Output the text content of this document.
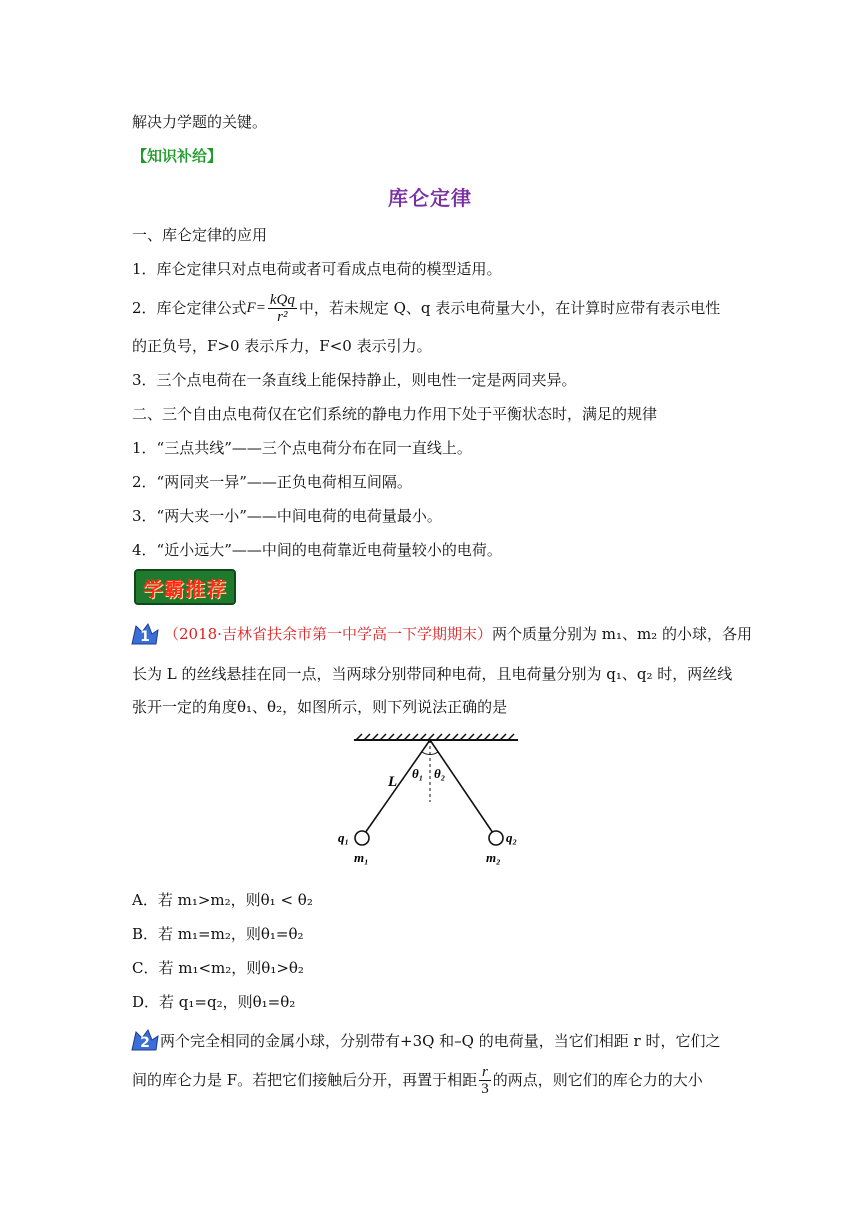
解决力学题的关键。
【知识补给】
库仑定律
一、库仑定律的应用
1．库仑定律只对点电荷或者可看成点电荷的模型适用。
2．库仑定律公式 $F= \frac{\text{kQq}}{\text{r²}}$ 中，若未规定 Q、q 表示电荷量大小，在计算时应带有表示电性
的正负号，F>0 表示斥力，F<0 表示引力。
3．三个点电荷在一条直线上能保持静止，则电性一定是两同夹异。
二、三个自由点电荷仅在它们系统的静电力作用下处于平衡状态时，满足的规律
1．“三点共线”——三个点电荷分布在同一直线上。
2．“两同夹一异”——正负电荷相互间隔。
3．“两大夹一小”——中间电荷的电荷量最小。
4．“近小远大”——中间的电荷靠近电荷量较小的电荷。
学霸推荐
1 （2018·吉林省扶余市第一中学高一下学期期末）两个质量分别为 m₁、m₂ 的小球，各用
长为 L 的丝线悬挂在同一点，当两球分别带同种电荷，且电荷量分别为 q₁、q₂ 时，两丝线
张开一定的角度θ₁、θ₂，如图所示，则下列说法正确的是
L
θ₁ θ₂
q₁
m₁
q₂
m₂
A．若 m₁>m₂，则θ₁ < θ₂
B．若 m₁=m₂，则θ₁=θ₂
C．若 m₁<m₂，则θ₁>θ₂
D．若 q₁=q₂，则θ₁=θ₂
2 两个完全相同的金属小球，分别带有+3Q 和–Q 的电荷量，当它们相距 r 时，它们之
间的库仑力是 F。若把它们接触后分开，再置于相距 $\frac{r}{3}$ 的两点，则它们的库仑力的大小
